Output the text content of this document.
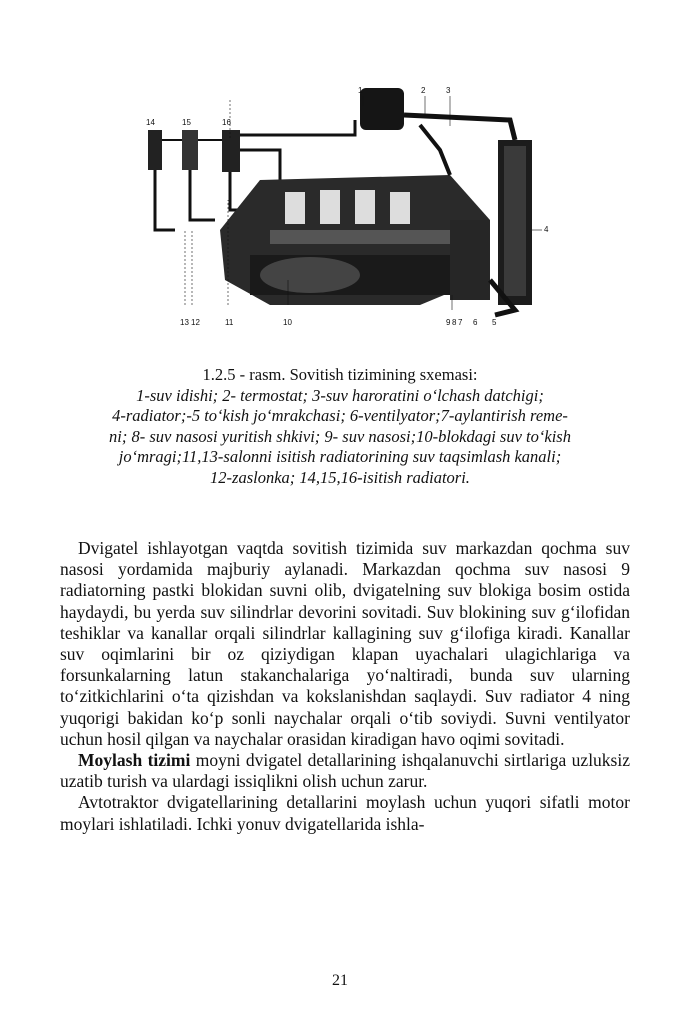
1	2	3
4
5
6
7
8
9
10
11
12
13
14	15	16
1.2.5 - rasm. Sovitish tizimining sxemasi:
1-suv idishi; 2- termostat; 3-suv haroratini o‘lchash datchigi;
4-radiator;-5 to‘kish jo‘mrakchasi; 6-ventilyator;7-aylantirish reme-
ni; 8- suv nasosi yuritish shkivi; 9- suv nasosi;10-blokdagi suv to‘kish
jo‘mragi;11,13-salonni isitish radiatorining suv taqsimlash kanali;
12-zaslonka; 14,15,16-isitish radiatori.

Dvigatel ishlayotgan vaqtda sovitish tizimida suv markazdan qochma suv nasosi yordamida majburiy aylanadi. Markazdan qochma suv nasosi 9 radiatorning pastki blokidan suvni olib, dvigatelning suv blokiga bosim ostida haydaydi, bu yerda suv silindrlar devorini sovitadi. Suv blokining suv g‘ilofidan teshiklar va kanallar orqali silindrlar kallagining suv g‘ilofiga kiradi. Kanallar suv oqimlarini bir oz qiziydigan klapan uyachalari ulagichlariga va forsunkalarning latun stakanchalariga yo‘naltiradi, bunda suv ularning to‘zitkichlarini o‘ta qizishdan va kokslanishdan saqlaydi. Suv radiator 4 ning yuqorigi bakidan ko‘p sonli naychalar orqali o‘tib soviydi. Suvni ventilyator uchun hosil qilgan va naychalar orasidan kiradigan havo oqimi sovitadi.

Moylash tizimi moyni dvigatel detallarining ishqalanuvchi sirtlariga uzluksiz uzatib turish va ulardagi issiqlikni olish uchun zarur.

Avtotraktor dvigatellarining detallarini moylash uchun yuqori sifatli motor moylari ishlatiladi. Ichki yonuv dvigatellarida ishla-

21
